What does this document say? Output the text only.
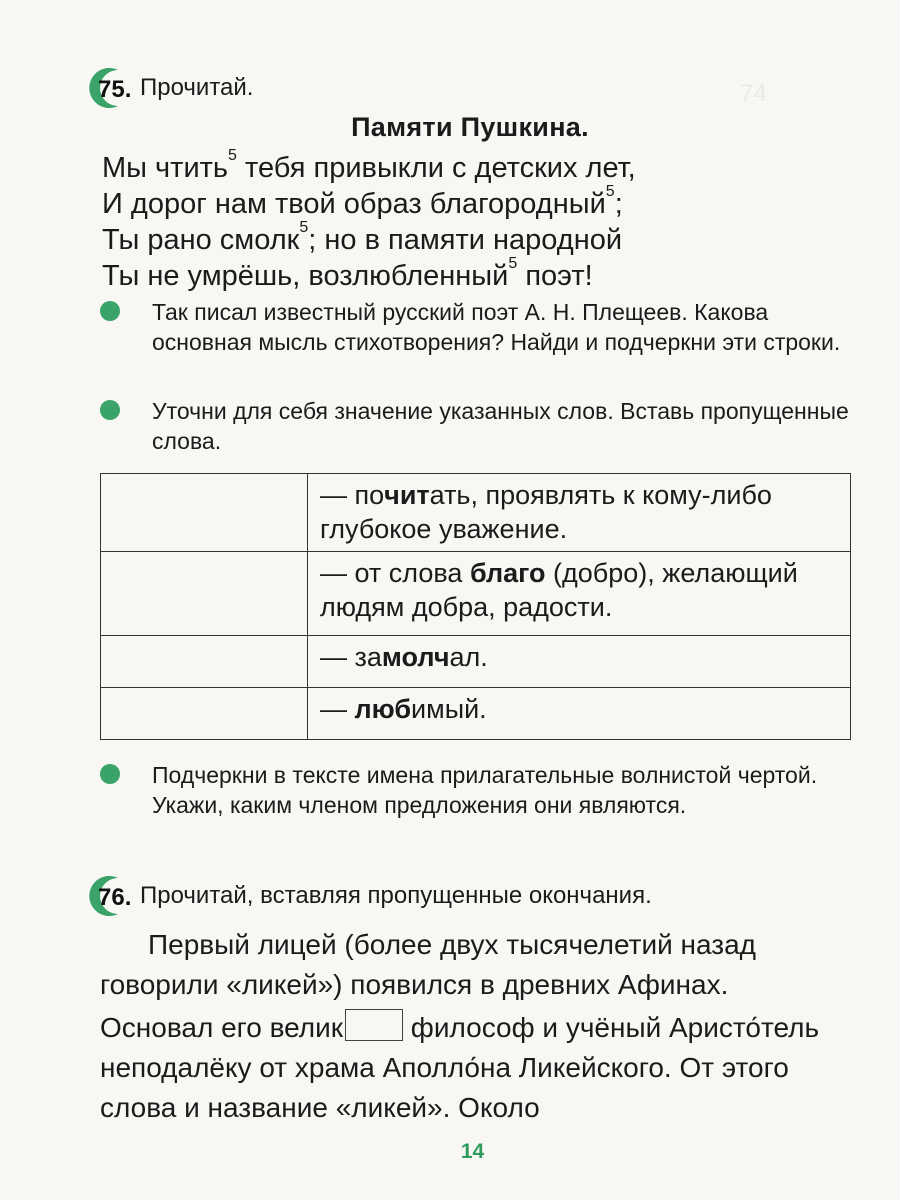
74
75. Прочитай.
Памяти Пушкина.
Мы чтить$^5$ тебя привыкли с детских лет,
И дорог нам твой образ благородный$^5$;
Ты рано смолк$^5$; но в памяти народной
Ты не умрёшь, возлюбленный$^5$ поэт!
Так писал известный русский поэт А. Н. Плещеев. Какова основная мысль стихотворения? Найди и подчеркни эти строки.
Уточни для себя значение указанных слов. Вставь пропущенные слова.
	— почитать, проявлять к кому-либо глубокое уважение.
	— от слова благо (добро), желающий людям добра, радости.
	— замолчал.
	— любимый.
Подчеркни в тексте имена прилагательные волнистой чертой. Укажи, каким членом предложения они являются.
76. Прочитай, вставляя пропущенные окончания.
Первый лицей (более двух тысячелетий назад говорили «ликей») появился в древних Афинах.
Основал его велик философ и учёный Аристо́тель неподалёку от храма Аполло́на Ликейского. От этого слова и название «ликей». Около
14
